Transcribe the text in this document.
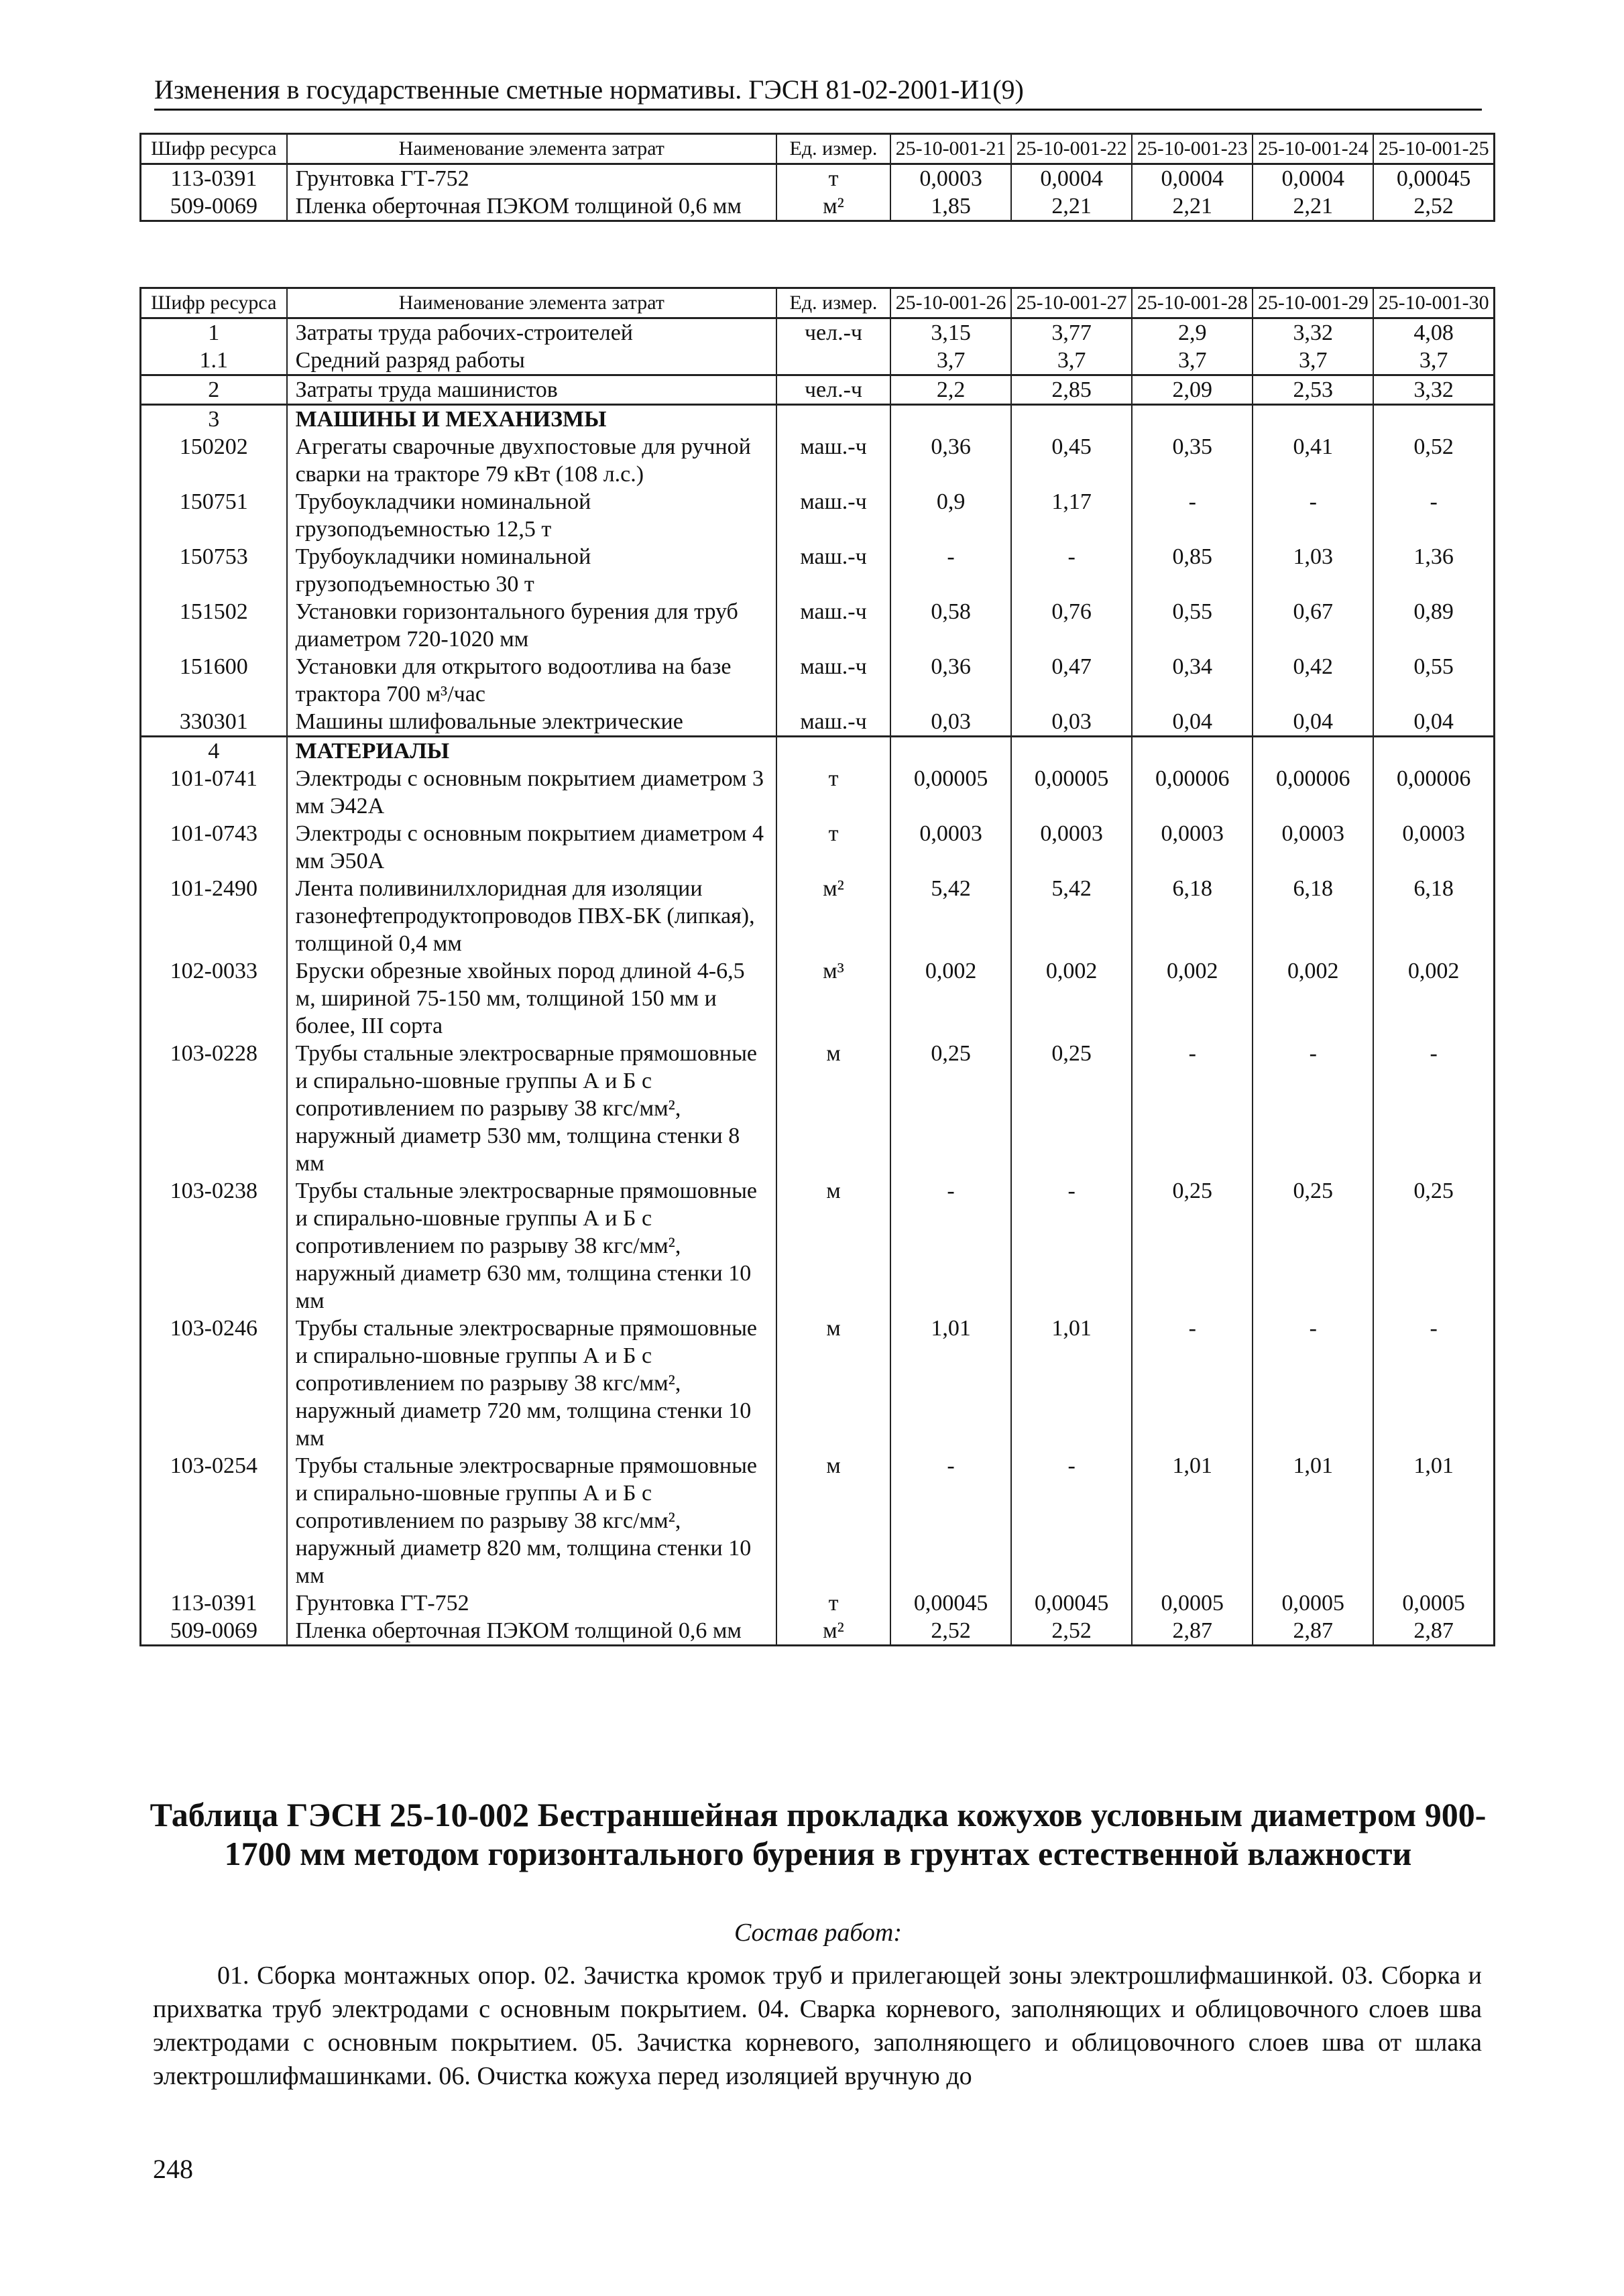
Изменения в государственные сметные нормативы. ГЭСН 81-02-2001-И1(9)
Шифр ресурса	Наименование элемента затрат	Ед. измер.	25-10-001-21	25-10-001-22	25-10-001-23	25-10-001-24	25-10-001-25
113-0391	Грунтовка ГТ-752	т	0,0003	0,0004	0,0004	0,0004	0,00045
509-0069	Пленка оберточная ПЭКОМ толщиной 0,6 мм	м²	1,85	2,21	2,21	2,21	2,52
Шифр ресурса	Наименование элемента затрат	Ед. измер.	25-10-001-26	25-10-001-27	25-10-001-28	25-10-001-29	25-10-001-30
1	Затраты труда рабочих-строителей	чел.-ч	3,15	3,77	2,9	3,32	4,08
1.1	Средний разряд работы		3,7	3,7	3,7	3,7	3,7
2	Затраты труда машинистов	чел.-ч	2,2	2,85	2,09	2,53	3,32
3	МАШИНЫ И МЕХАНИЗМЫ						
150202	Агрегаты сварочные двухпостовые для ручной сварки на тракторе 79 кВт (108 л.с.)	маш.-ч	0,36	0,45	0,35	0,41	0,52
150751	Трубоукладчики номинальной грузоподъемностью 12,5 т	маш.-ч	0,9	1,17	-	-	-
150753	Трубоукладчики номинальной грузоподъемностью 30 т	маш.-ч	-	-	0,85	1,03	1,36
151502	Установки горизонтального бурения для труб диаметром 720-1020 мм	маш.-ч	0,58	0,76	0,55	0,67	0,89
151600	Установки для открытого водоотлива на базе трактора 700 м³/час	маш.-ч	0,36	0,47	0,34	0,42	0,55
330301	Машины шлифовальные электрические	маш.-ч	0,03	0,03	0,04	0,04	0,04
4	МАТЕРИАЛЫ						
101-0741	Электроды с основным покрытием диаметром 3 мм Э42А	т	0,00005	0,00005	0,00006	0,00006	0,00006
101-0743	Электроды с основным покрытием диаметром 4 мм Э50А	т	0,0003	0,0003	0,0003	0,0003	0,0003
101-2490	Лента поливинилхлоридная для изоляции газонефтепродуктопроводов ПВХ-БК (липкая), толщиной 0,4 мм	м²	5,42	5,42	6,18	6,18	6,18
102-0033	Бруски обрезные хвойных пород длиной 4-6,5 м, шириной 75-150 мм, толщиной 150 мм и более, III сорта	м³	0,002	0,002	0,002	0,002	0,002
103-0228	Трубы стальные электросварные прямошовные и спирально-шовные группы А и Б с сопротивлением по разрыву 38 кгс/мм², наружный диаметр 530 мм, толщина стенки 8 мм	м	0,25	0,25	-	-	-
103-0238	Трубы стальные электросварные прямошовные и спирально-шовные группы А и Б с сопротивлением по разрыву 38 кгс/мм², наружный диаметр 630 мм, толщина стенки 10 мм	м	-	-	0,25	0,25	0,25
103-0246	Трубы стальные электросварные прямошовные и спирально-шовные группы А и Б с сопротивлением по разрыву 38 кгс/мм², наружный диаметр 720 мм, толщина стенки 10 мм	м	1,01	1,01	-	-	-
103-0254	Трубы стальные электросварные прямошовные и спирально-шовные группы А и Б с сопротивлением по разрыву 38 кгс/мм², наружный диаметр 820 мм, толщина стенки 10 мм	м	-	-	1,01	1,01	1,01
113-0391	Грунтовка ГТ-752	т	0,00045	0,00045	0,0005	0,0005	0,0005
509-0069	Пленка оберточная ПЭКОМ толщиной 0,6 мм	м²	2,52	2,52	2,87	2,87	2,87
Таблица ГЭСН 25-10-002 Бестраншейная прокладка кожухов условным диаметром 900-1700 мм методом горизонтального бурения в грунтах естественной влажности
Состав работ:
01. Сборка монтажных опор. 02. Зачистка кромок труб и прилегающей зоны электрошлифмашинкой. 03. Сборка и прихватка труб электродами с основным покрытием. 04. Сварка корневого, заполняющих и облицовочного слоев шва электродами с основным покрытием. 05. Зачистка корневого, заполняющего и облицовочного слоев шва от шлака электрошлифмашинками. 06. Очистка кожуха перед изоляцией вручную до
248
